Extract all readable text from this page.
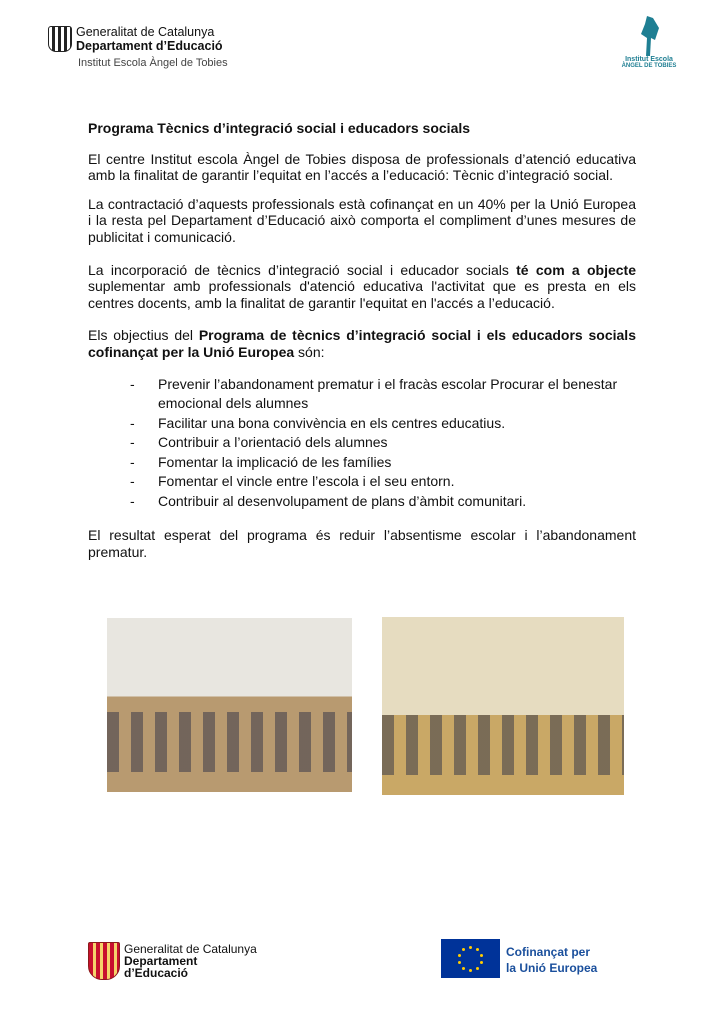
Generalitat de Catalunya
Departament d’Educació
Institut Escola Àngel de Tobies	Institut Escola
ÀNGEL DE TOBIES

Programa Tècnics d’integració social i educadors socials

El centre Institut escola Àngel de Tobies disposa de professionals d’atenció educativa amb la finalitat de garantir l’equitat en l’accés a l’educació: Tècnic d’integració social.

La contractació d’aquests professionals està cofinançat en un 40% per la Unió Europea i la resta pel Departament d’Educació això comporta el compliment d’unes mesures de publicitat i comunicació.

La incorporació de tècnics d’integració social i educador socials té com a objecte suplementar amb professionals d'atenció educativa l'activitat que es presta en els centres docents, amb la finalitat de garantir l'equitat en l'accés a l’educació.

Els objectius del Programa de tècnics d’integració social i els educadors socials cofinançat per la Unió Europea són:

- Prevenir l’abandonament prematur i el fracàs escolar Procurar el benestar emocional dels alumnes
- Facilitar una bona convivència en els centres educatius.
- Contribuir a l’orientació dels alumnes
- Fomentar la implicació de les famílies
- Fomentar el vincle entre l’escola i el seu entorn.
- Contribuir al desenvolupament de plans d’àmbit comunitari.

El resultat esperat del programa és reduir l’absentisme escolar i l’abandonament prematur.

Generalitat de Catalunya
Departament
d’Educació
Cofinançat per
la Unió Europea
